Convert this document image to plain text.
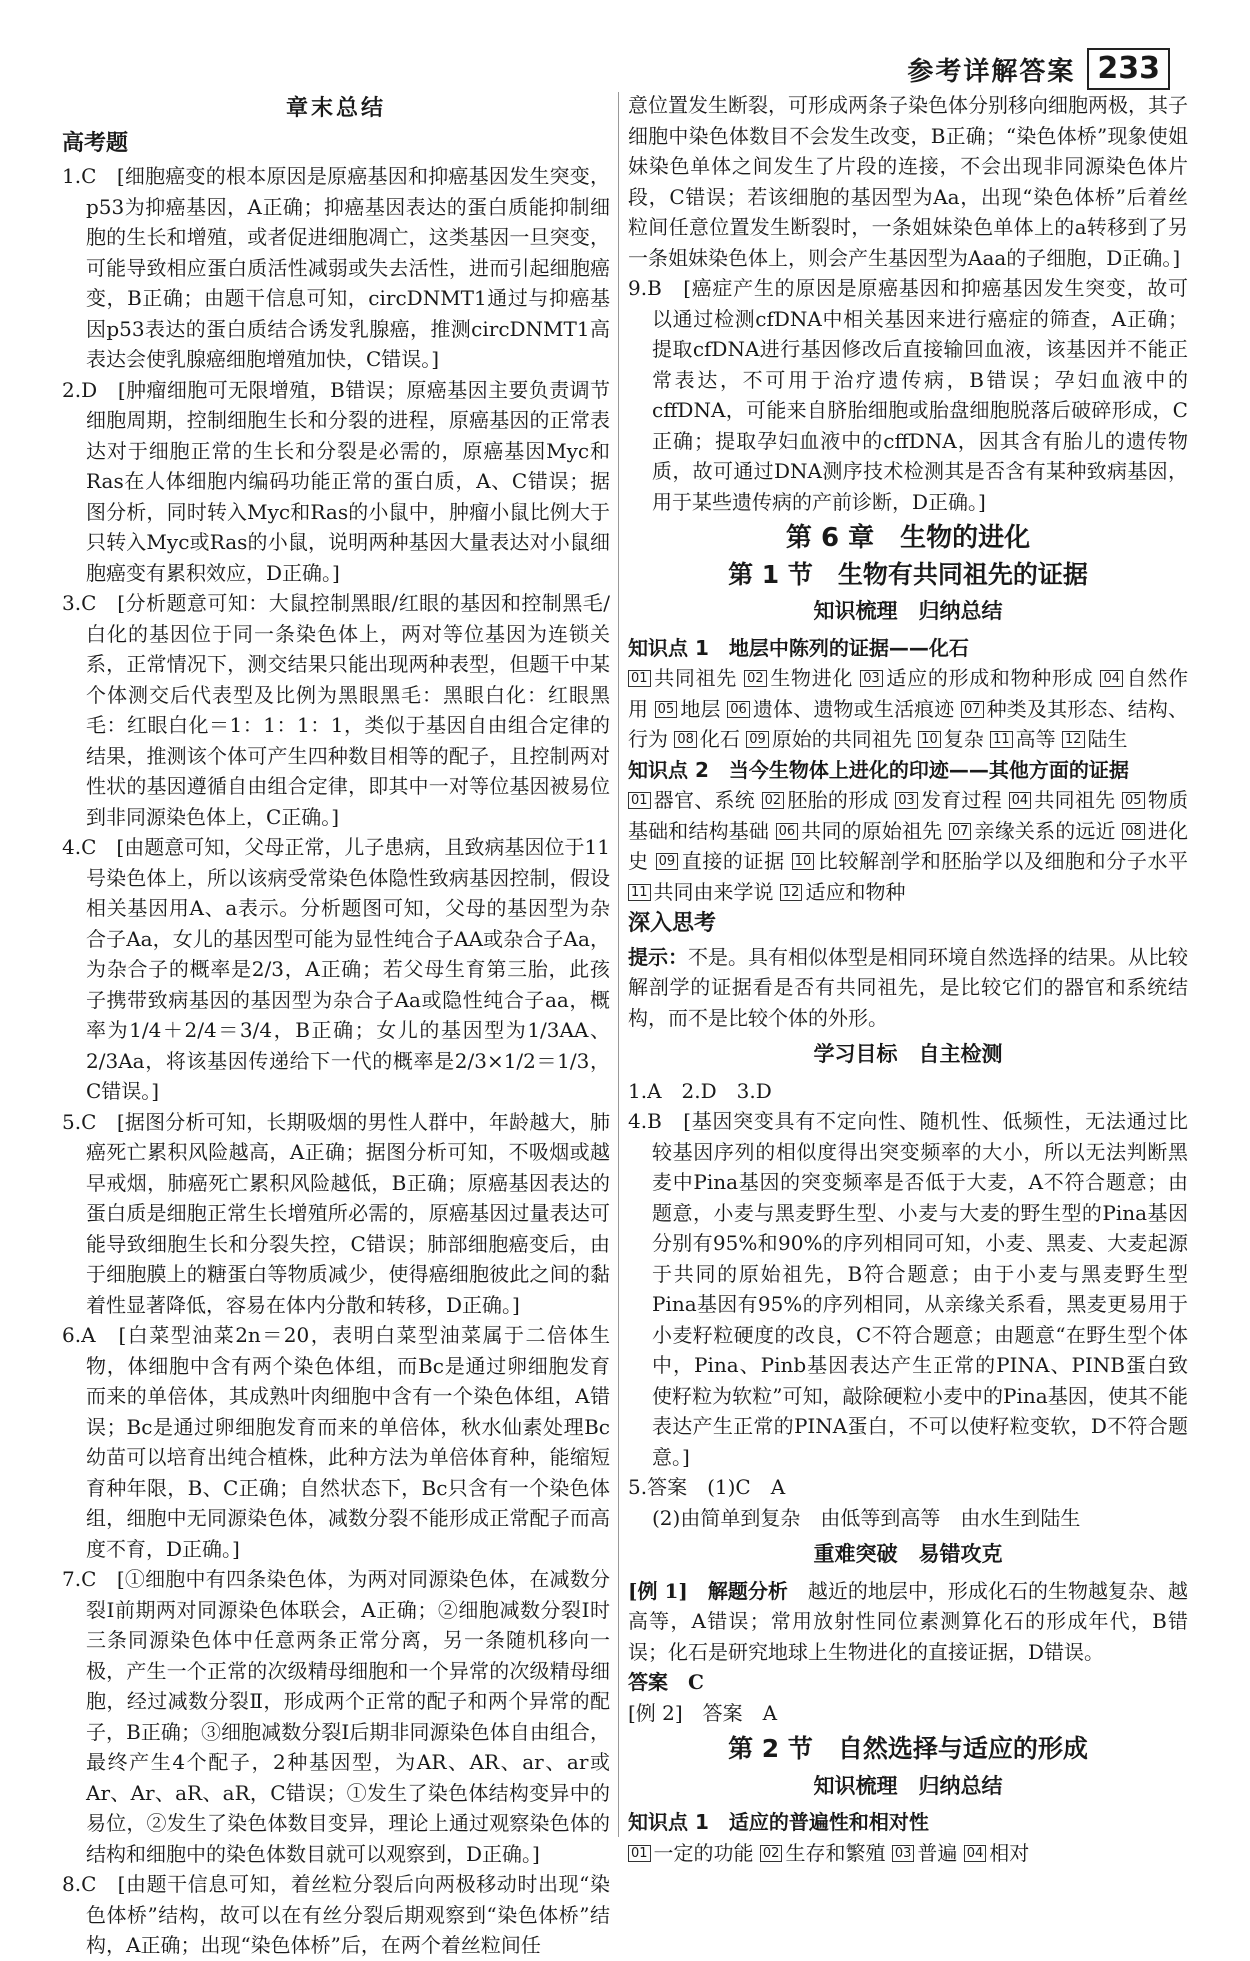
参考详解答案 233
章末总结
高考题

1.C　[细胞癌变的根本原因是原癌基因和抑癌基因发生突变，p53为抑癌基因，A正确；抑癌基因表达的蛋白质能抑制细胞的生长和增殖，或者促进细胞凋亡，这类基因一旦突变，可能导致相应蛋白质活性减弱或失去活性，进而引起细胞癌变，B正确；由题干信息可知，circDNMT1通过与抑癌基因p53表达的蛋白质结合诱发乳腺癌，推测circDNMT1高表达会使乳腺癌细胞增殖加快，C错误。]

2.D　[肿瘤细胞可无限增殖，B错误；原癌基因主要负责调节细胞周期，控制细胞生长和分裂的进程，原癌基因的正常表达对于细胞正常的生长和分裂是必需的，原癌基因Myc和Ras在人体细胞内编码功能正常的蛋白质，A、C错误；据图分析，同时转入Myc和Ras的小鼠中，肿瘤小鼠比例大于只转入Myc或Ras的小鼠，说明两种基因大量表达对小鼠细胞癌变有累积效应，D正确。]

3.C　[分析题意可知：大鼠控制黑眼/红眼的基因和控制黑毛/白化的基因位于同一条染色体上，两对等位基因为连锁关系，正常情况下，测交结果只能出现两种表型，但题干中某个体测交后代表型及比例为黑眼黑毛：黑眼白化：红眼黑毛：红眼白化＝1：1：1：1，类似于基因自由组合定律的结果，推测该个体可产生四种数目相等的配子，且控制两对性状的基因遵循自由组合定律，即其中一对等位基因被易位到非同源染色体上，C正确。]

4.C　[由题意可知，父母正常，儿子患病，且致病基因位于11号染色体上，所以该病受常染色体隐性致病基因控制，假设相关基因用A、a表示。分析题图可知，父母的基因型为杂合子Aa，女儿的基因型可能为显性纯合子AA或杂合子Aa，为杂合子的概率是2/3，A正确；若父母生育第三胎，此孩子携带致病基因的基因型为杂合子Aa或隐性纯合子aa，概率为1/4＋2/4＝3/4，B正确；女儿的基因型为1/3AA、2/3Aa，将该基因传递给下一代的概率是2/3×1/2＝1/3，C错误。]

5.C　[据图分析可知，长期吸烟的男性人群中，年龄越大，肺癌死亡累积风险越高，A正确；据图分析可知，不吸烟或越早戒烟，肺癌死亡累积风险越低，B正确；原癌基因表达的蛋白质是细胞正常生长增殖所必需的，原癌基因过量表达可能导致细胞生长和分裂失控，C错误；肺部细胞癌变后，由于细胞膜上的糖蛋白等物质减少，使得癌细胞彼此之间的黏着性显著降低，容易在体内分散和转移，D正确。]

6.A　[白菜型油菜2n＝20，表明白菜型油菜属于二倍体生物，体细胞中含有两个染色体组，而Bc是通过卵细胞发育而来的单倍体，其成熟叶肉细胞中含有一个染色体组，A错误；Bc是通过卵细胞发育而来的单倍体，秋水仙素处理Bc幼苗可以培育出纯合植株，此种方法为单倍体育种，能缩短育种年限，B、C正确；自然状态下，Bc只含有一个染色体组，细胞中无同源染色体，减数分裂不能形成正常配子而高度不育，D正确。]

7.C　[①细胞中有四条染色体，为两对同源染色体，在减数分裂Ⅰ前期两对同源染色体联会，A正确；②细胞减数分裂Ⅰ时三条同源染色体中任意两条正常分离，另一条随机移向一极，产生一个正常的次级精母细胞和一个异常的次级精母细胞，经过减数分裂Ⅱ，形成两个正常的配子和两个异常的配子，B正确；③细胞减数分裂Ⅰ后期非同源染色体自由组合，最终产生4个配子，2种基因型，为AR、AR、ar、ar或Ar、Ar、aR、aR，C错误；①发生了染色体结构变异中的易位，②发生了染色体数目变异，理论上通过观察染色体的结构和细胞中的染色体数目就可以观察到，D正确。]

8.C　[由题干信息可知，着丝粒分裂后向两极移动时出现“染色体桥”结构，故可以在有丝分裂后期观察到“染色体桥”结构，A正确；出现“染色体桥”后，在两个着丝粒间任

意位置发生断裂，可形成两条子染色体分别移向细胞两极，其子细胞中染色体数目不会发生改变，B正确；“染色体桥”现象使姐妹染色单体之间发生了片段的连接，不会出现非同源染色体片段，C错误；若该细胞的基因型为Aa，出现“染色体桥”后着丝粒间任意位置发生断裂时，一条姐妹染色单体上的a转移到了另一条姐妹染色体上，则会产生基因型为Aaa的子细胞，D正确。]

9.B　[癌症产生的原因是原癌基因和抑癌基因发生突变，故可以通过检测cfDNA中相关基因来进行癌症的筛查，A正确；提取cfDNA进行基因修改后直接输回血液，该基因并不能正常表达，不可用于治疗遗传病，B错误；孕妇血液中的cffDNA，可能来自脐胎细胞或胎盘细胞脱落后破碎形成，C正确；提取孕妇血液中的cffDNA，因其含有胎儿的遗传物质，故可通过DNA测序技术检测其是否含有某种致病基因，用于某些遗传病的产前诊断，D正确。]

第 6 章　生物的进化
第 1 节　生物有共同祖先的证据
知识梳理　归纳总结
知识点 1　地层中陈列的证据——化石

01 共同祖先 02 生物进化 03 适应的形成和物种形成 04 自然作用 05 地层 06 遗体、遗物或生活痕迹 07 种类及其形态、结构、行为 08 化石 09 原始的共同祖先 10 复杂 11 高等 12 陆生

知识点 2　当今生物体上进化的印迹——其他方面的证据

01 器官、系统 02 胚胎的形成 03 发育过程 04 共同祖先 05 物质基础和结构基础 06 共同的原始祖先 07 亲缘关系的远近 08 进化史 09 直接的证据 10 比较解剖学和胚胎学以及细胞和分子水平 11 共同由来学说 12 适应和物种

深入思考

提示：不是。具有相似体型是相同环境自然选择的结果。从比较解剖学的证据看是否有共同祖先，是比较它们的器官和系统结构，而不是比较个体的外形。

学习目标　自主检测

1.A　2.D　3.D

4.B　[基因突变具有不定向性、随机性、低频性，无法通过比较基因序列的相似度得出突变频率的大小，所以无法判断黑麦中Pina基因的突变频率是否低于大麦，A不符合题意；由题意，小麦与黑麦野生型、小麦与大麦的野生型的Pina基因分别有95%和90%的序列相同可知，小麦、黑麦、大麦起源于共同的原始祖先，B符合题意；由于小麦与黑麦野生型Pina基因有95%的序列相同，从亲缘关系看，黑麦更易用于小麦籽粒硬度的改良，C不符合题意；由题意“在野生型个体中，Pina、Pinb基因表达产生正常的PINA、PINB蛋白致使籽粒为软粒”可知，敲除硬粒小麦中的Pina基因，使其不能表达产生正常的PINA蛋白，不可以使籽粒变软，D不符合题意。]

5.答案　(1)C　A

(2)由简单到复杂　由低等到高等　由水生到陆生

重难突破　易错攻克

[例 1]　解题分析　 越近的地层中，形成化石的生物越复杂、越高等，A错误；常用放射性同位素测算化石的形成年代，B错误；化石是研究地球上生物进化的直接证据，D错误。

答案　C

[例 2]　答案　A

第 2 节　自然选择与适应的形成
知识梳理　归纳总结
知识点 1　适应的普遍性和相对性

01 一定的功能 02 生存和繁殖 03 普遍 04 相对
